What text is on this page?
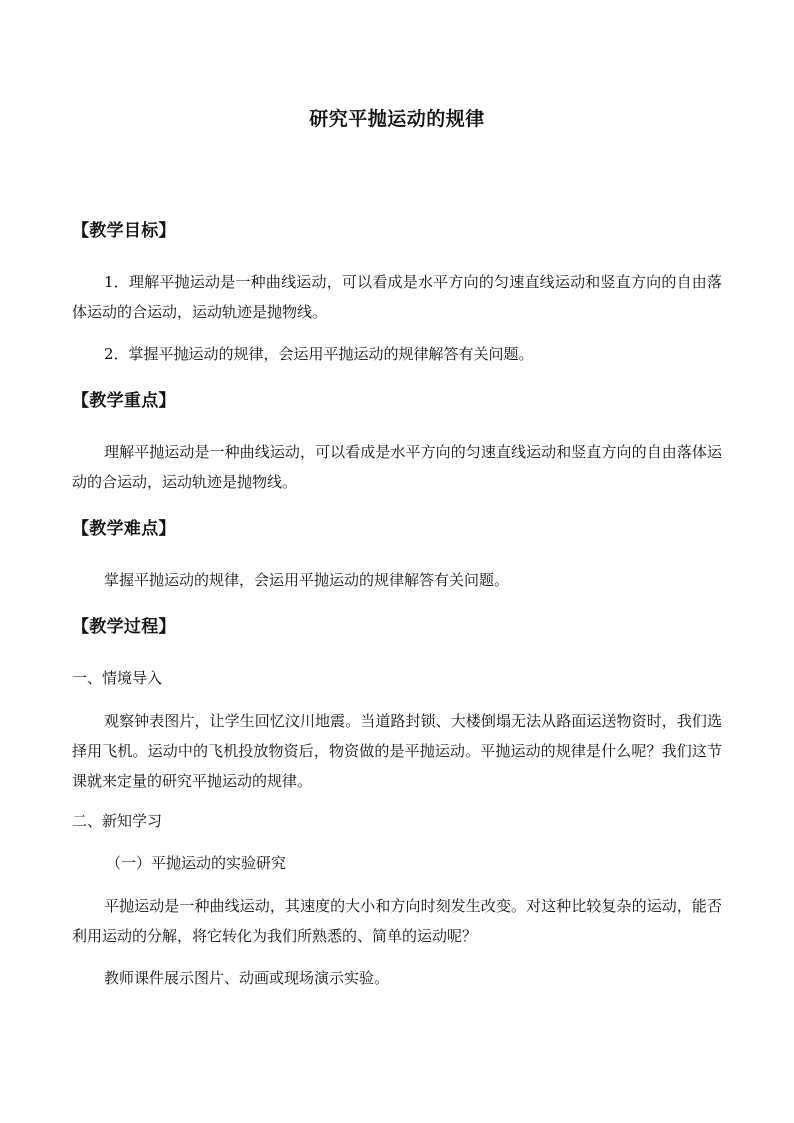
研究平抛运动的规律
【教学目标】
1．理解平抛运动是一种曲线运动，可以看成是水平方向的匀速直线运动和竖直方向的自由落体运动的合运动，运动轨迹是抛物线。
2．掌握平抛运动的规律，会运用平抛运动的规律解答有关问题。
【教学重点】
理解平抛运动是一种曲线运动，可以看成是水平方向的匀速直线运动和竖直方向的自由落体运动的合运动，运动轨迹是抛物线。
【教学难点】
掌握平抛运动的规律，会运用平抛运动的规律解答有关问题。
【教学过程】
一、情境导入
观察钟表图片，让学生回忆汶川地震。当道路封锁、大楼倒塌无法从路面运送物资时，我们选择用飞机。运动中的飞机投放物资后，物资做的是平抛运动。平抛运动的规律是什么呢？我们这节课就来定量的研究平抛运动的规律。
二、新知学习
（一）平抛运动的实验研究
平抛运动是一种曲线运动，其速度的大小和方向时刻发生改变。对这种比较复杂的运动，能否利用运动的分解，将它转化为我们所熟悉的、简单的运动呢？
教师课件展示图片、动画或现场演示实验。
